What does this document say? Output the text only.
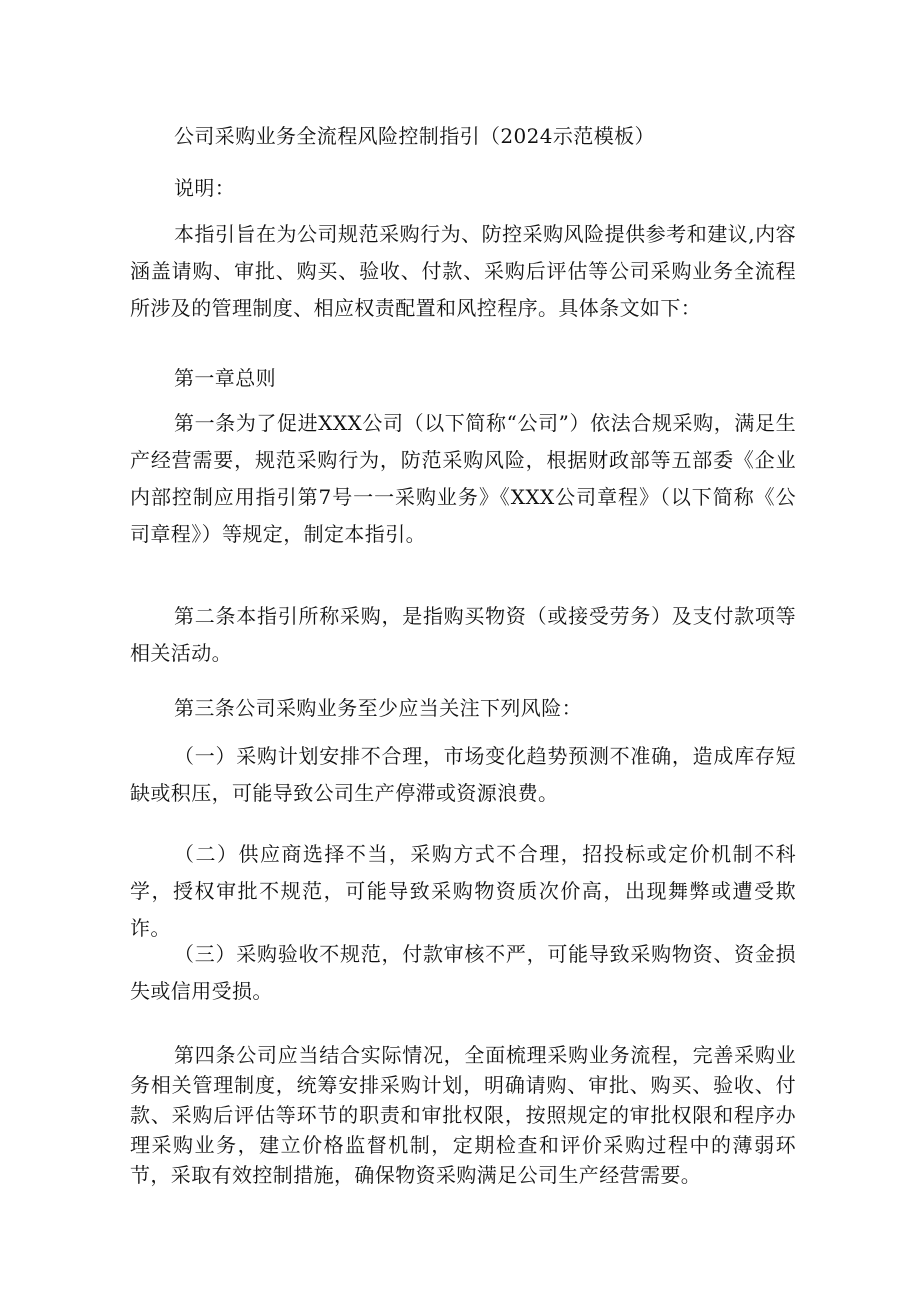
公司采购业务全流程风险控制指引（2024示范模板）

说明：

本指引旨在为公司规范采购行为、防控采购风险提供参考和建议,内容涵盖请购、审批、购买、验收、付款、采购后评估等公司采购业务全流程所涉及的管理制度、相应权责配置和风控程序。具体条文如下：

第一章总则

第一条为了促进XXX公司（以下简称“公司”）依法合规采购，满足生产经营需要，规范采购行为，防范采购风险，根据财政部等五部委《企业内部控制应用指引第7号一一采购业务》《XXX公司章程》（以下简称《公司章程》）等规定，制定本指引。

第二条本指引所称采购，是指购买物资（或接受劳务）及支付款项等相关活动。

第三条公司采购业务至少应当关注下列风险：

（一）采购计划安排不合理，市场变化趋势预测不准确，造成库存短缺或积压，可能导致公司生产停滞或资源浪费。

（二）供应商选择不当，采购方式不合理，招投标或定价机制不科学，授权审批不规范，可能导致采购物资质次价高，出现舞弊或遭受欺诈。

（三）采购验收不规范，付款审核不严，可能导致采购物资、资金损失或信用受损。

第四条公司应当结合实际情况，全面梳理采购业务流程，完善采购业务相关管理制度，统筹安排采购计划，明确请购、审批、购买、验收、付款、采购后评估等环节的职责和审批权限，按照规定的审批权限和程序办理采购业务，建立价格监督机制，定期检查和评价采购过程中的薄弱环节，采取有效控制措施，确保物资采购满足公司生产经营需要。
